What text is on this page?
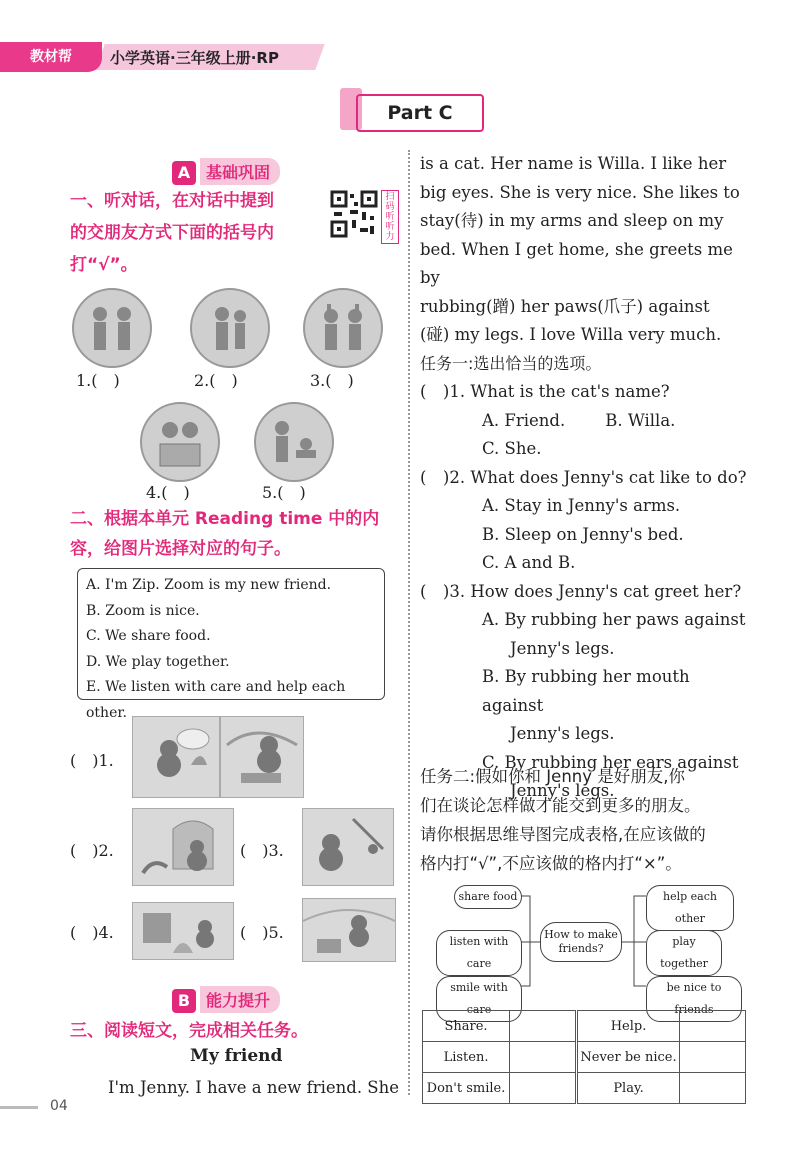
教材帮	小学英语·三年级上册·RP
Part C
A 基础巩固
一、听对话，在对话中提到
的交朋友方式下面的括号内
打“√”。
扫码听听力
1.(　)	2.(　)	3.(　)
4.(　)	5.(　)
二、根据本单元 Reading time 中的内
容，给图片选择对应的句子。
A. I'm Zip. Zoom is my new friend.
B. Zoom is nice.
C. We share food.
D. We play together.
E. We listen with care and help each other.
(　)1.
(　)2.	(　)3.
(　)4.	(　)5.
B 能力提升
三、阅读短文，完成相关任务。
My friend
I'm Jenny. I have a new friend. She
is a cat. Her name is Willa. I like her
big eyes. She is very nice. She likes to
stay(待) in my arms and sleep on my
bed. When I get home, she greets me by
rubbing(蹭) her paws(爪子) against
(碰) my legs. I love Willa very much.
任务一:选出恰当的选项。
(　)1. What is the cat's name?
A. Friend. B. Willa.
C. She.
(　)2. What does Jenny's cat like to do?
A. Stay in Jenny's arms.
B. Sleep on Jenny's bed.
C. A and B.
(　)3. How does Jenny's cat greet her?
A. By rubbing her paws against
Jenny's legs.
B. By rubbing her mouth against
Jenny's legs.
C. By rubbing her ears against
Jenny's legs.
任务二:假如你和 Jenny 是好朋友,你
们在谈论怎样做才能交到更多的朋友。
请你根据思维导图完成表格,在应该做的
格内打“√”,不应该做的格内打“×”。
share food
listen with care
smile with care
How to make friends?
help each other
play together
be nice to friends
Share.		Help.	
Listen.		Never be nice.	
Don't smile.		Play.	
04
